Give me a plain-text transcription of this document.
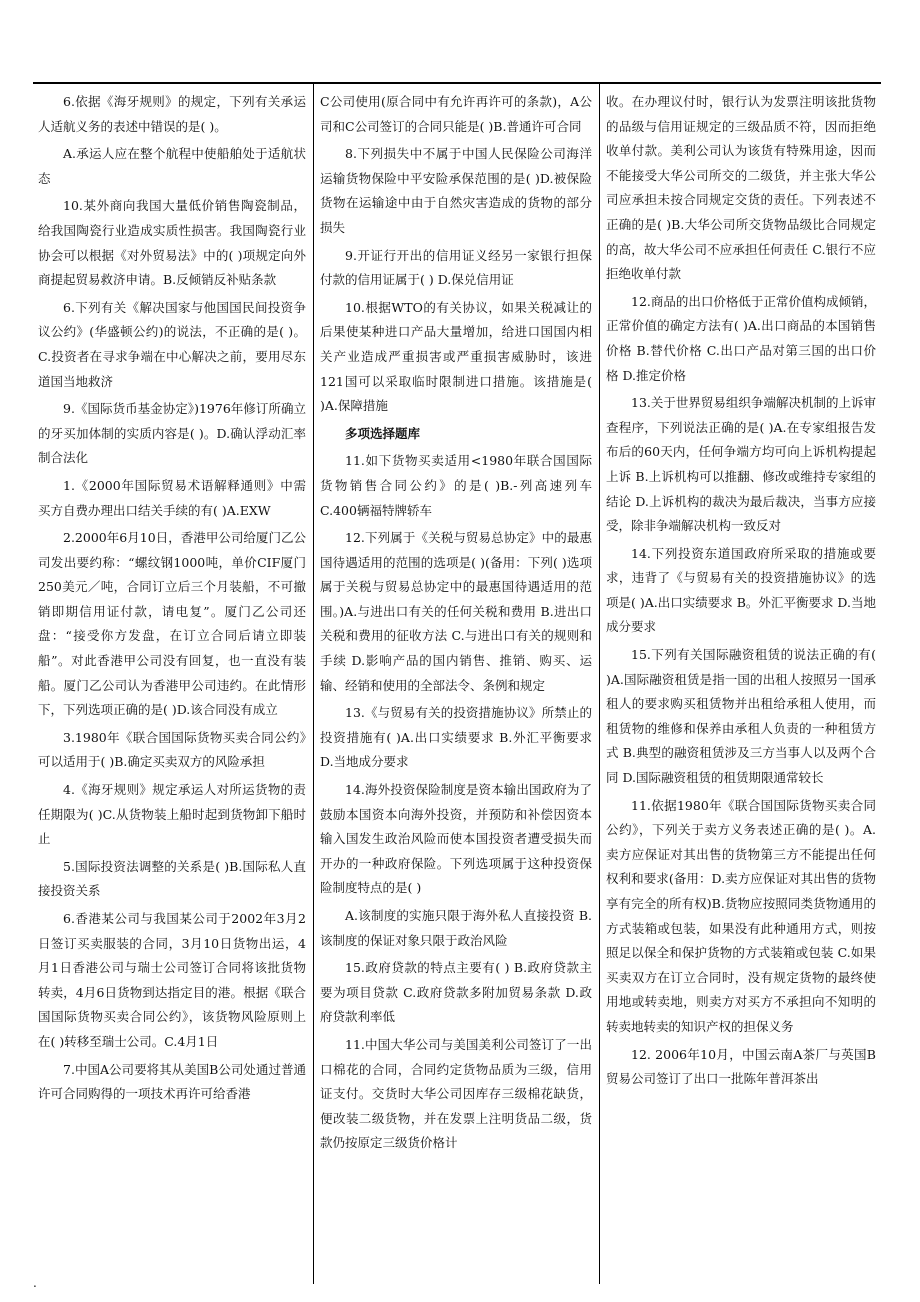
6.依据《海牙规则》的规定，下列有关承运人适航义务的表述中错误的是( )。

A.承运人应在整个航程中使船舶处于适航状态

10.某外商向我国大量低价销售陶瓷制品，给我国陶瓷行业造成实质性损害。我国陶瓷行业协会可以根据《对外贸易法》中的( )项规定向外商提起贸易救济申请。B.反倾销反补贴条款

6.下列有关《解决国家与他国国民间投资争议公约》(华盛顿公约)的说法，不正确的是( )。C.投资者在寻求争端在中心解决之前，要用尽东道国当地救济

9.《国际货币基金协定》)1976年修订所确立的牙买加体制的实质内容是( )。D.确认浮动汇率制合法化

1.《2000年国际贸易术语解释通则》中需买方自费办理出口结关手续的有( )A.EXW

2.2000年6月10日，香港甲公司给厦门乙公司发出要约称：“螺纹钢1000吨，单价CIF厦门250美元／吨，合同订立后三个月装船，不可撤销即期信用证付款，请电复”。厦门乙公司还盘：“接受你方发盘，在订立合同后请立即装船”。对此香港甲公司没有回复，也一直没有装船。厦门乙公司认为香港甲公司违约。在此情形下，下列选项正确的是( )D.该合同没有成立

3.1980年《联合国国际货物买卖合同公约》可以适用于( )B.确定买卖双方的风险承担

4.《海牙规则》规定承运人对所运货物的责任期限为( )C.从货物装上船时起到货物卸下船时止

5.国际投资法调整的关系是( )B.国际私人直接投资关系

6.香港某公司与我国某公司于2002年3月2日签订买卖服装的合同，3月10日货物出运，4月1日香港公司与瑞士公司签订合同将该批货物转卖，4月6日货物到达指定目的港。根据《联合国国际货物买卖合同公约》，该货物风险原则上在( )转移至瑞士公司。C.4月1日

7.中国A公司要将其从美国B公司处通过普通许可合同购得的一项技术再许可给香港

C公司使用(原合同中有允许再许可的条款)，A公司和C公司签订的合同只能是( )B.普通许可合同

8.下列损失中不属于中国人民保险公司海洋运输货物保险中平安险承保范围的是( )D.被保险货物在运输途中由于自然灾害造成的货物的部分损失

9.开证行开出的信用证义经另一家银行担保付款的信用证属于( ) D.保兑信用证

10.根据WTO的有关协议，如果关税减让的后果使某种进口产品大量增加，给进口国国内相关产业造成严重损害或严重损害威胁时，该进121国可以采取临时限制进口措施。该措施是( )A.保障措施

多项选择题库

11.如下货物买卖适用<1980年联合国国际货物销售合同公约》的是( )B.-列高速列车 C.400辆福特牌轿车

12.下列属于《关税与贸易总协定》中的最惠国待遇适用的范围的选项是( )(备用：下列( )选项属于关税与贸易总协定中的最惠国待遇适用的范围。)A.与进出口有关的任何关税和费用 B.进出口关税和费用的征收方法 C.与进出口有关的规则和手续 D.影响产品的国内销售、推销、购买、运输、经销和使用的全部法令、条例和规定

13.《与贸易有关的投资措施协议》所禁止的投资措施有( )A.出口实绩要求 B.外汇平衡要求 D.当地成分要求

14.海外投资保险制度是资本输出国政府为了鼓励本国资本向海外投资，并预防和补偿因资本输入国发生政治风险而使本国投资者遭受损失而开办的一种政府保险。下列选项属于这种投资保险制度特点的是( )

A.该制度的实施只限于海外私人直接投资 B.该制度的保证对象只限于政治风险

15.政府贷款的特点主要有( ) B.政府贷款主要为项目贷款 C.政府贷款多附加贸易条款 D.政府贷款利率低

11.中国大华公司与美国美利公司签订了一出口棉花的合同，合同约定货物品质为三级，信用证支付。交货时大华公司因库存三级棉花缺货，便改装二级货物，并在发票上注明货品二级，货款仍按原定三级货价格计

收。在办理议付时，银行认为发票注明该批货物的品级与信用证规定的三级品质不符，因而拒绝收单付款。美利公司认为该货有特殊用途，因而不能接受大华公司所交的二级货，并主张大华公司应承担未按合同规定交货的责任。下列表述不正确的是( )B.大华公司所交货物品级比合同规定的高，故大华公司不应承担任何责任 C.银行不应拒绝收单付款

12.商品的出口价格低于正常价值构成倾销，正常价值的确定方法有( )A.出口商品的本国销售价格 B.替代价格 C.出口产品对第三国的出口价格 D.推定价格

13.关于世界贸易组织争端解决机制的上诉审查程序，下列说法正确的是( )A.在专家组报告发布后的60天内，任何争端方均可向上诉机构提起上诉 B.上诉机构可以推翻、修改或维持专家组的结论 D.上诉机构的裁决为最后裁决，当事方应接受，除非争端解决机构一致反对

14.下列投资东道国政府所采取的措施或要求，违背了《与贸易有关的投资措施协议》的选项是( )A.出口实绩要求 B。外汇平衡要求 D.当地成分要求

15.下列有关国际融资租赁的说法正确的有( )A.国际融资租赁是指一国的出租人按照另一国承租人的要求购买租赁物并出租给承租人使用，而租赁物的维修和保养由承租人负责的一种租赁方式 B.典型的融资租赁涉及三方当事人以及两个合同 D.国际融资租赁的租赁期限通常较长

11.依据1980年《联合国国际货物买卖合同公约》，下列关于卖方义务表述正确的是( )。A.卖方应保证对其出售的货物第三方不能提出任何权利和要求(备用：D.卖方应保证对其出售的货物享有完全的所有权)B.货物应按照同类货物通用的方式装箱或包装，如果没有此种通用方式，则按照足以保全和保护货物的方式装箱或包装 C.如果买卖双方在订立合同时，没有规定货物的最终使用地或转卖地，则卖方对买方不承担向不知明的转卖地转卖的知识产权的担保义务

12. 2006年10月，中国云南A茶厂与英国B贸易公司签订了出口一批陈年普洱茶出

.
